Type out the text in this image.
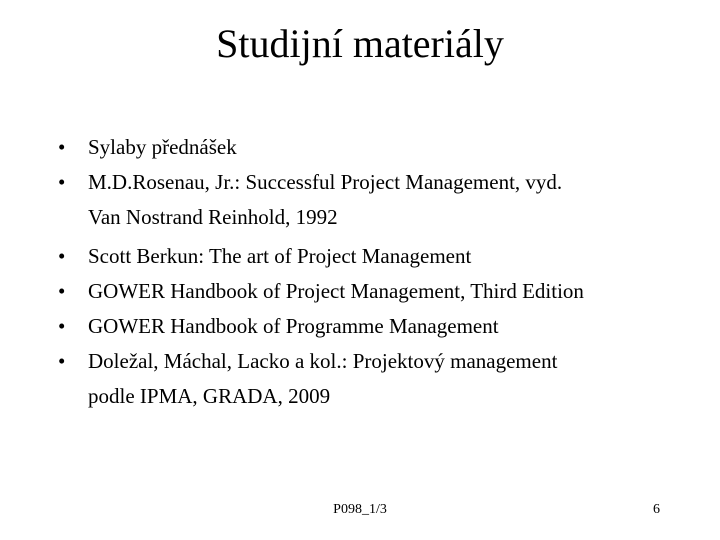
Studijní materiály
•	Sylaby přednášek
•	M.D.Rosenau, Jr.: Successful Project Management, vyd.
Van Nostrand Reinhold, 1992
•	Scott Berkun: The art of Project Management
•	GOWER Handbook of Project Management, Third Edition
•	GOWER Handbook of Programme Management
•	Doležal, Máchal, Lacko a kol.: Projektový management
podle IPMA, GRADA, 2009
P098_1/3	6
